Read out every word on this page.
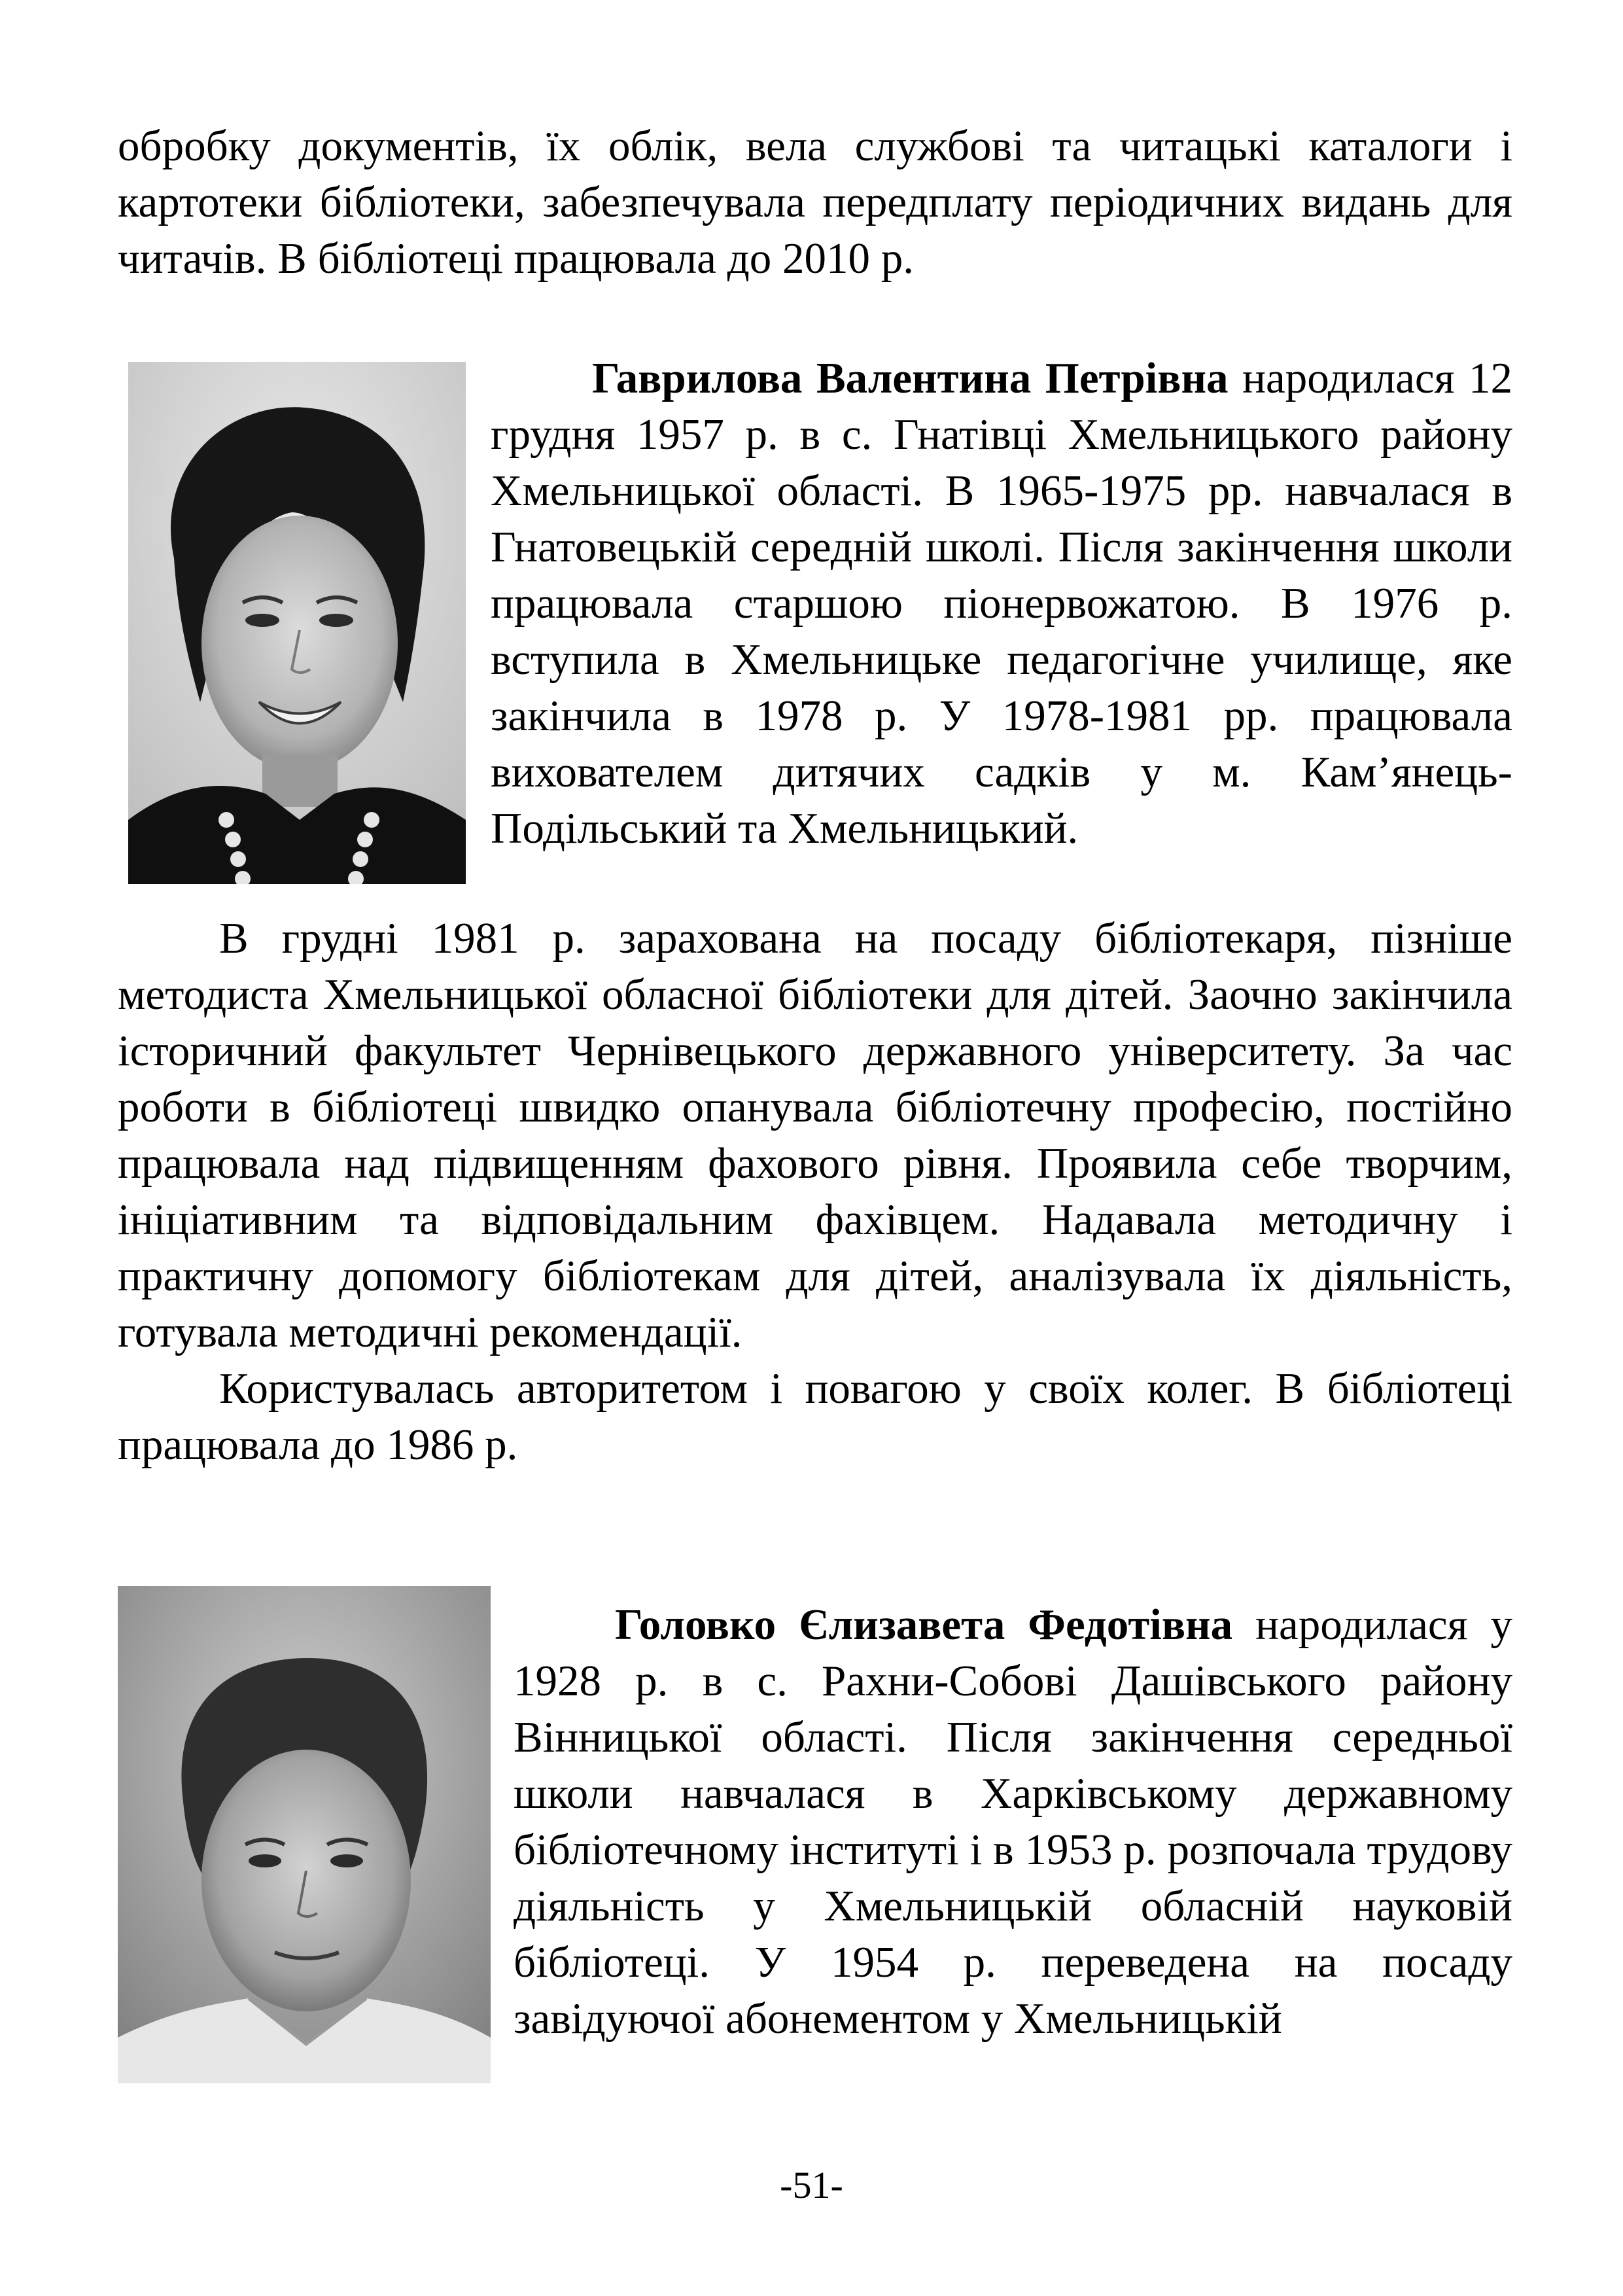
обробку документів, їх облік, вела службові та читацькі каталоги і картотеки бібліотеки, забезпечувала передплату періодичних видань для читачів. В бібліотеці працювала до 2010 р.

Гаврилова Валентина Петрівна народилася 12 грудня 1957 р. в с. Гнатівці Хмельницького району Хмельницької області. В 1965-1975 рр. навчалася в Гнатовецькій середній школі. Після закінчення школи працювала старшою піонервожатою. В 1976 р. вступила в Хмельницьке педагогічне училище, яке закінчила в 1978 р. У 1978-1981 рр. працювала вихователем дитячих садків у м. Кам’янець-Подільський та Хмельницький.

В грудні 1981 р. зарахована на посаду бібліотекаря, пізніше методиста Хмельницької обласної бібліотеки для дітей. Заочно закінчила історичний факультет Чернівецького державного університету. За час роботи в бібліотеці швидко опанувала бібліотечну професію, постійно працювала над підвищенням фахового рівня. Проявила себе творчим, ініціативним та відповідальним фахівцем. Надавала методичну і практичну допомогу бібліотекам для дітей, аналізувала їх діяльність, готувала методичні рекомендації.

Користувалась авторитетом і повагою у своїх колег. В бібліотеці працювала до 1986 р.

Головко Єлизавета Федотівна народилася у 1928 р. в с. Рахни-Собові Дашівського району Вінницької області. Після закінчення середньої школи навчалася в Харківському державному бібліотечному інституті і в 1953 р. розпочала трудову діяльність у Хмельницькій обласній науковій бібліотеці. У 1954 р. переведена на посаду завідуючої абонементом у Хмельницькій

-51-
